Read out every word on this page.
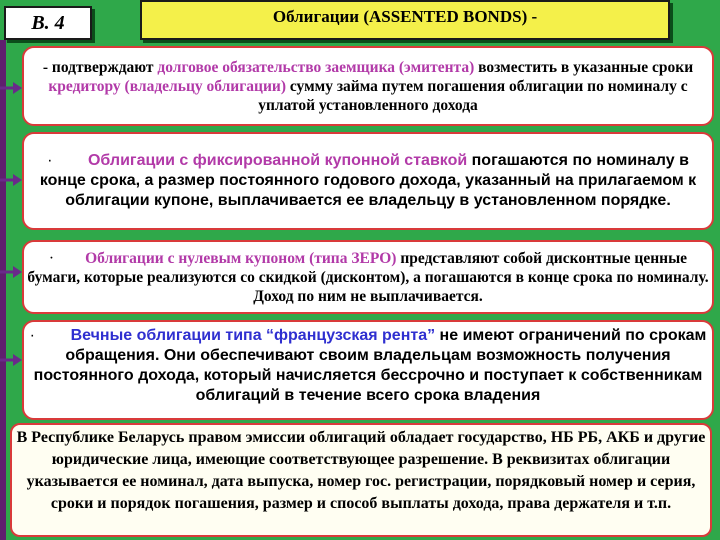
В. 4	Облигации (ASSENTED BONDS) -

- подтверждают долговое обязательство заемщика (эмитента) возместить в указанные сроки кредитору (владельцу облигации) сумму займа путем погашения облигации по номиналу с уплатой установленного дохода

· Облигации с фиксированной купонной ставкой погашаются по номиналу в конце срока, а размер постоянного годового дохода, указанный на прилагаемом к облигации купоне, выплачивается ее владельцу в установленном порядке.

· Облигации с нулевым купоном (типа ЗЕРО) представляют собой дисконтные ценные бумаги, которые реализуются со скидкой (дисконтом), а погашаются в конце срока по номиналу. Доход по ним не выплачивается.

· Вечные облигации типа “французская рента” не имеют ограничений по срокам обращения. Они обеспечивают своим владельцам возможность получения постоянного дохода, который начисляется бессрочно и поступает к собственникам облигаций в течение всего срока владения

В Республике Беларусь правом эмиссии облигаций обладает государство, НБ РБ, АКБ и другие юридические лица, имеющие соответствующее разрешение. В реквизитах облигации указывается ее номинал, дата выпуска, номер гос. регистрации, порядковый номер и серия, сроки и порядок погашения, размер и способ выплаты дохода, права держателя и т.п.
